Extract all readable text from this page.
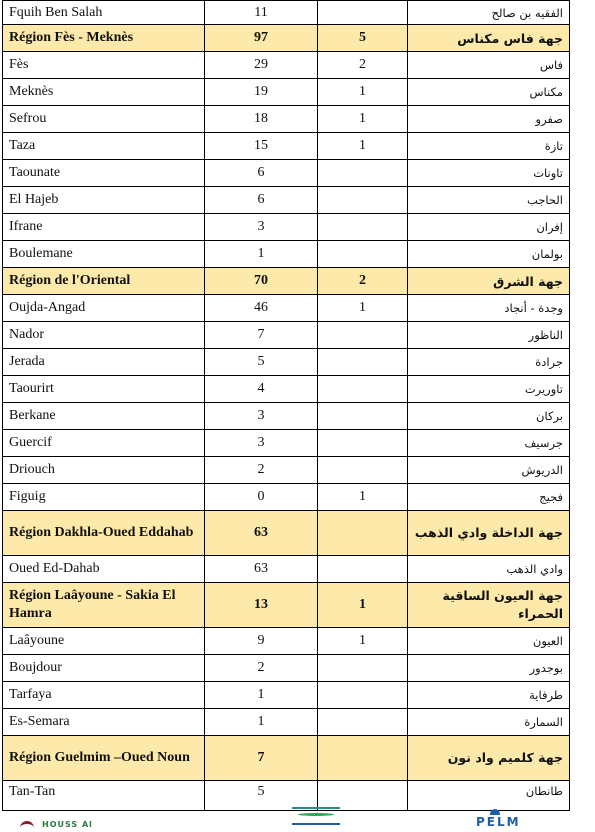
Fquih Ben Salah	11		الفقيه بن صالح
Région Fès - Meknès	97	5	جهة فاس مكناس
Fès	29	2	فاس
Meknès	19	1	مكناس
Sefrou	18	1	صفرو
Taza	15	1	تازة
Taounate	6		تاونات
El Hajeb	6		الحاجب
Ifrane	3		إفران
Boulemane	1		بولمان
Région de l'Oriental	70	2	جهة الشرق
Oujda-Angad	46	1	وجدة - أنجاد
Nador	7		الناظور
Jerada	5		جرادة
Taourirt	4		تاوريرت
Berkane	3		بركان
Guercif	3		جرسيف
Driouch	2		الدريوش
Figuig	0	1	فجيج
Région Dakhla-Oued Eddahab	63		جهة الداخلة وادي الذهب
Oued Ed-Dahab	63		وادي الذهب
Région Laâyoune - Sakia El Hamra	13	1	جهة العيون الساقية الحمراء
Laâyoune	9	1	العيون
Boujdour	2		بوجدور
Tarfaya	1		طرفاية
Es-Semara	1		السمارة
Région Guelmim –Oued Noun	7		جهة كلميم واد نون
Tan-Tan	5		طانطان
HOUSS Al	PELM
